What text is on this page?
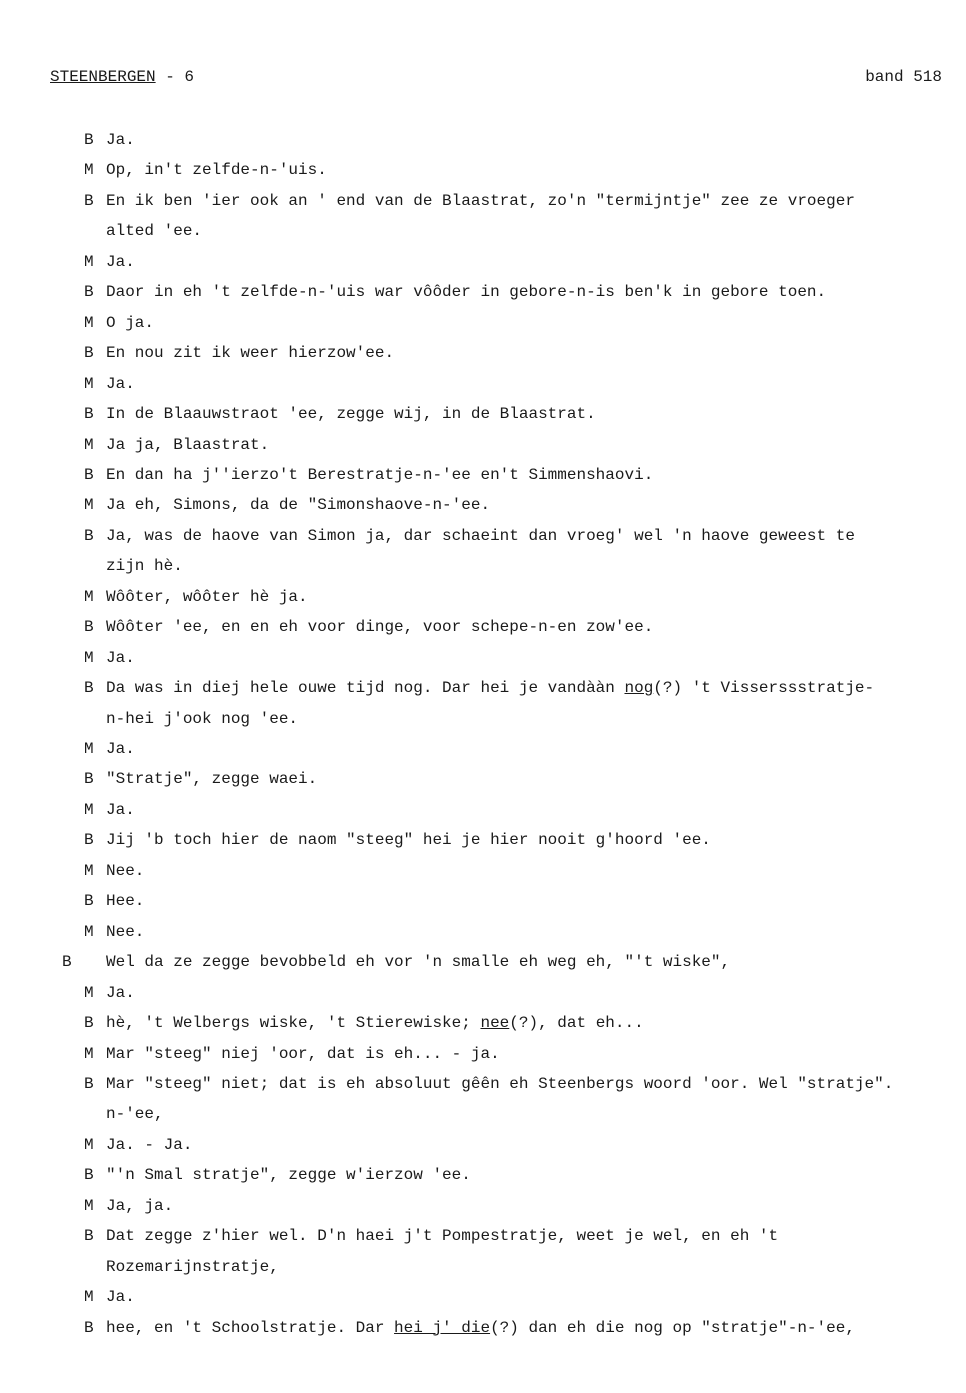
STEENBERGEN - 6	band 518
B Ja.
M Op, in't zelfde-n-'uis.
B En ik ben 'ier ook an ' end van de Blaastrat, zo'n "termijntje" zee ze vroeger
alted 'ee.
M Ja.
B Daor in eh 't zelfde-n-'uis war vôôder in gebore-n-is ben'k in gebore toen.
M O ja.
B En nou zit ik weer hierzow'ee.
M Ja.
B In de Blaauwstraot 'ee, zegge wij, in de Blaastrat.
M Ja ja, Blaastrat.
B En dan ha j''ierzo't Berestratje-n-'ee en't Simmenshaovi.
M Ja eh, Simons, da de "Simonshaove-n-'ee.
B Ja, was de haove van Simon ja, dar schaeint dan vroeg' wel 'n haove geweest te
zijn hè.
M Wôôter, wôôter hè ja.
B Wôôter 'ee, en en eh voor dinge, voor schepe-n-en zow'ee.
M Ja.
B Da was in diej hele ouwe tijd nog. Dar hei je vandààn nog(?) 't Visserssstratje-
n-hei j'ook nog 'ee.
M Ja.
B "Stratje", zegge waei.
M Ja.
B Jij 'b toch hier de naom "steeg" hei je hier nooit g'hoord 'ee.
M Nee.
B Hee.
M Nee.
B Wel da ze zegge bevobbeld eh vor 'n smalle eh weg eh, "'t wiske",
M Ja.
B hè, 't Welbergs wiske, 't Stierewiske; nee(?), dat eh...
M Mar "steeg" niej 'oor, dat is eh... - ja.
B Mar "steeg" niet; dat is eh absoluut gêên eh Steenbergs woord 'oor. Wel "stratje".
n-'ee,
M Ja. - Ja.
B "'n Smal stratje", zegge w'ierzow 'ee.
M Ja, ja.
B Dat zegge z'hier wel. D'n haei j't Pompestratje, weet je wel, en eh 't
Rozemarijnstratje,
M Ja.
B hee, en 't Schoolstratje. Dar hei j' die(?) dan eh die nog op "stratje"-n-'ee,
